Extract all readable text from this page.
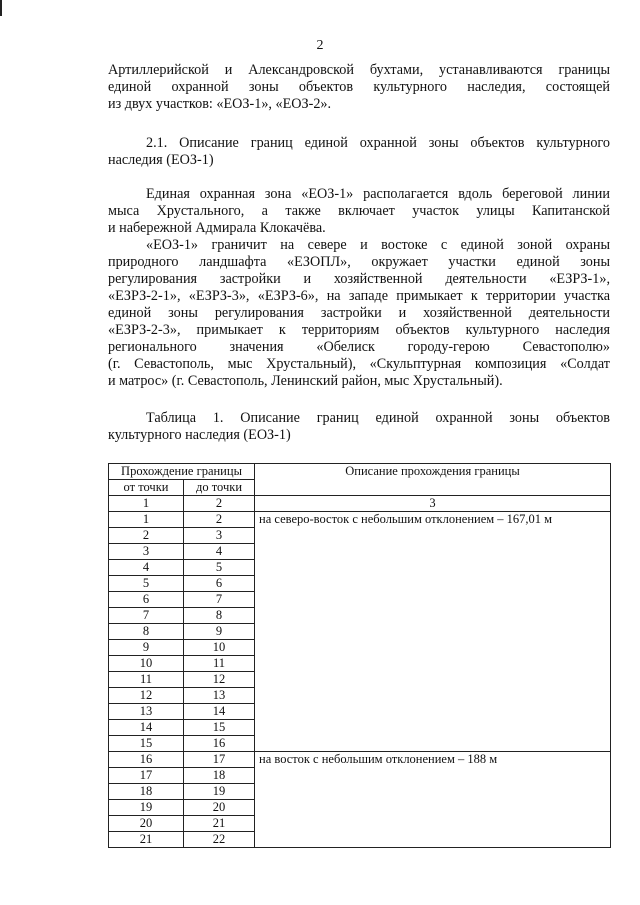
2
Артиллерийской и Александровской бухтами, устанавливаются границы
единой охранной зоны объектов культурного наследия, состоящей
из двух участков: «ЕОЗ-1», «ЕОЗ-2».
2.1. Описание границ единой охранной зоны объектов культурного
наследия (ЕОЗ-1)
Единая охранная зона «ЕОЗ-1» располагается вдоль береговой линии
мыса Хрустального, а также включает участок улицы Капитанской
и набережной Адмирала Клокачёва.
«ЕОЗ-1» граничит на севере и востоке с единой зоной охраны
природного ландшафта «ЕЗОПЛ», окружает участки единой зоны
регулирования застройки и хозяйственной деятельности «ЕЗРЗ-1»,
«ЕЗРЗ-2-1», «ЕЗРЗ-3», «ЕЗРЗ-6», на западе примыкает к территории участка
единой зоны регулирования застройки и хозяйственной деятельности
«ЕЗРЗ-2-3», примыкает к территориям объектов культурного наследия
регионального значения «Обелиск городу-герою Севастополю»
(г. Севастополь, мыс Хрустальный), «Скульптурная композиция «Солдат
и матрос» (г. Севастополь, Ленинский район, мыс Хрустальный).
Таблица 1. Описание границ единой охранной зоны объектов
культурного наследия (ЕОЗ-1)
Прохождение границы		Описание прохождения границы
от точки	до точки	
1	2	3
1	2	на северо-восток с небольшим отклонением – 167,01 м
2	3	
3	4	
4	5	
5	6	
6	7	
7	8	
8	9	
9	10	
10	11	
11	12	
12	13	
13	14	
14	15	
15	16	
16	17	на восток с небольшим отклонением – 188 м
17	18	
18	19	
19	20	
20	21	
21	22	
